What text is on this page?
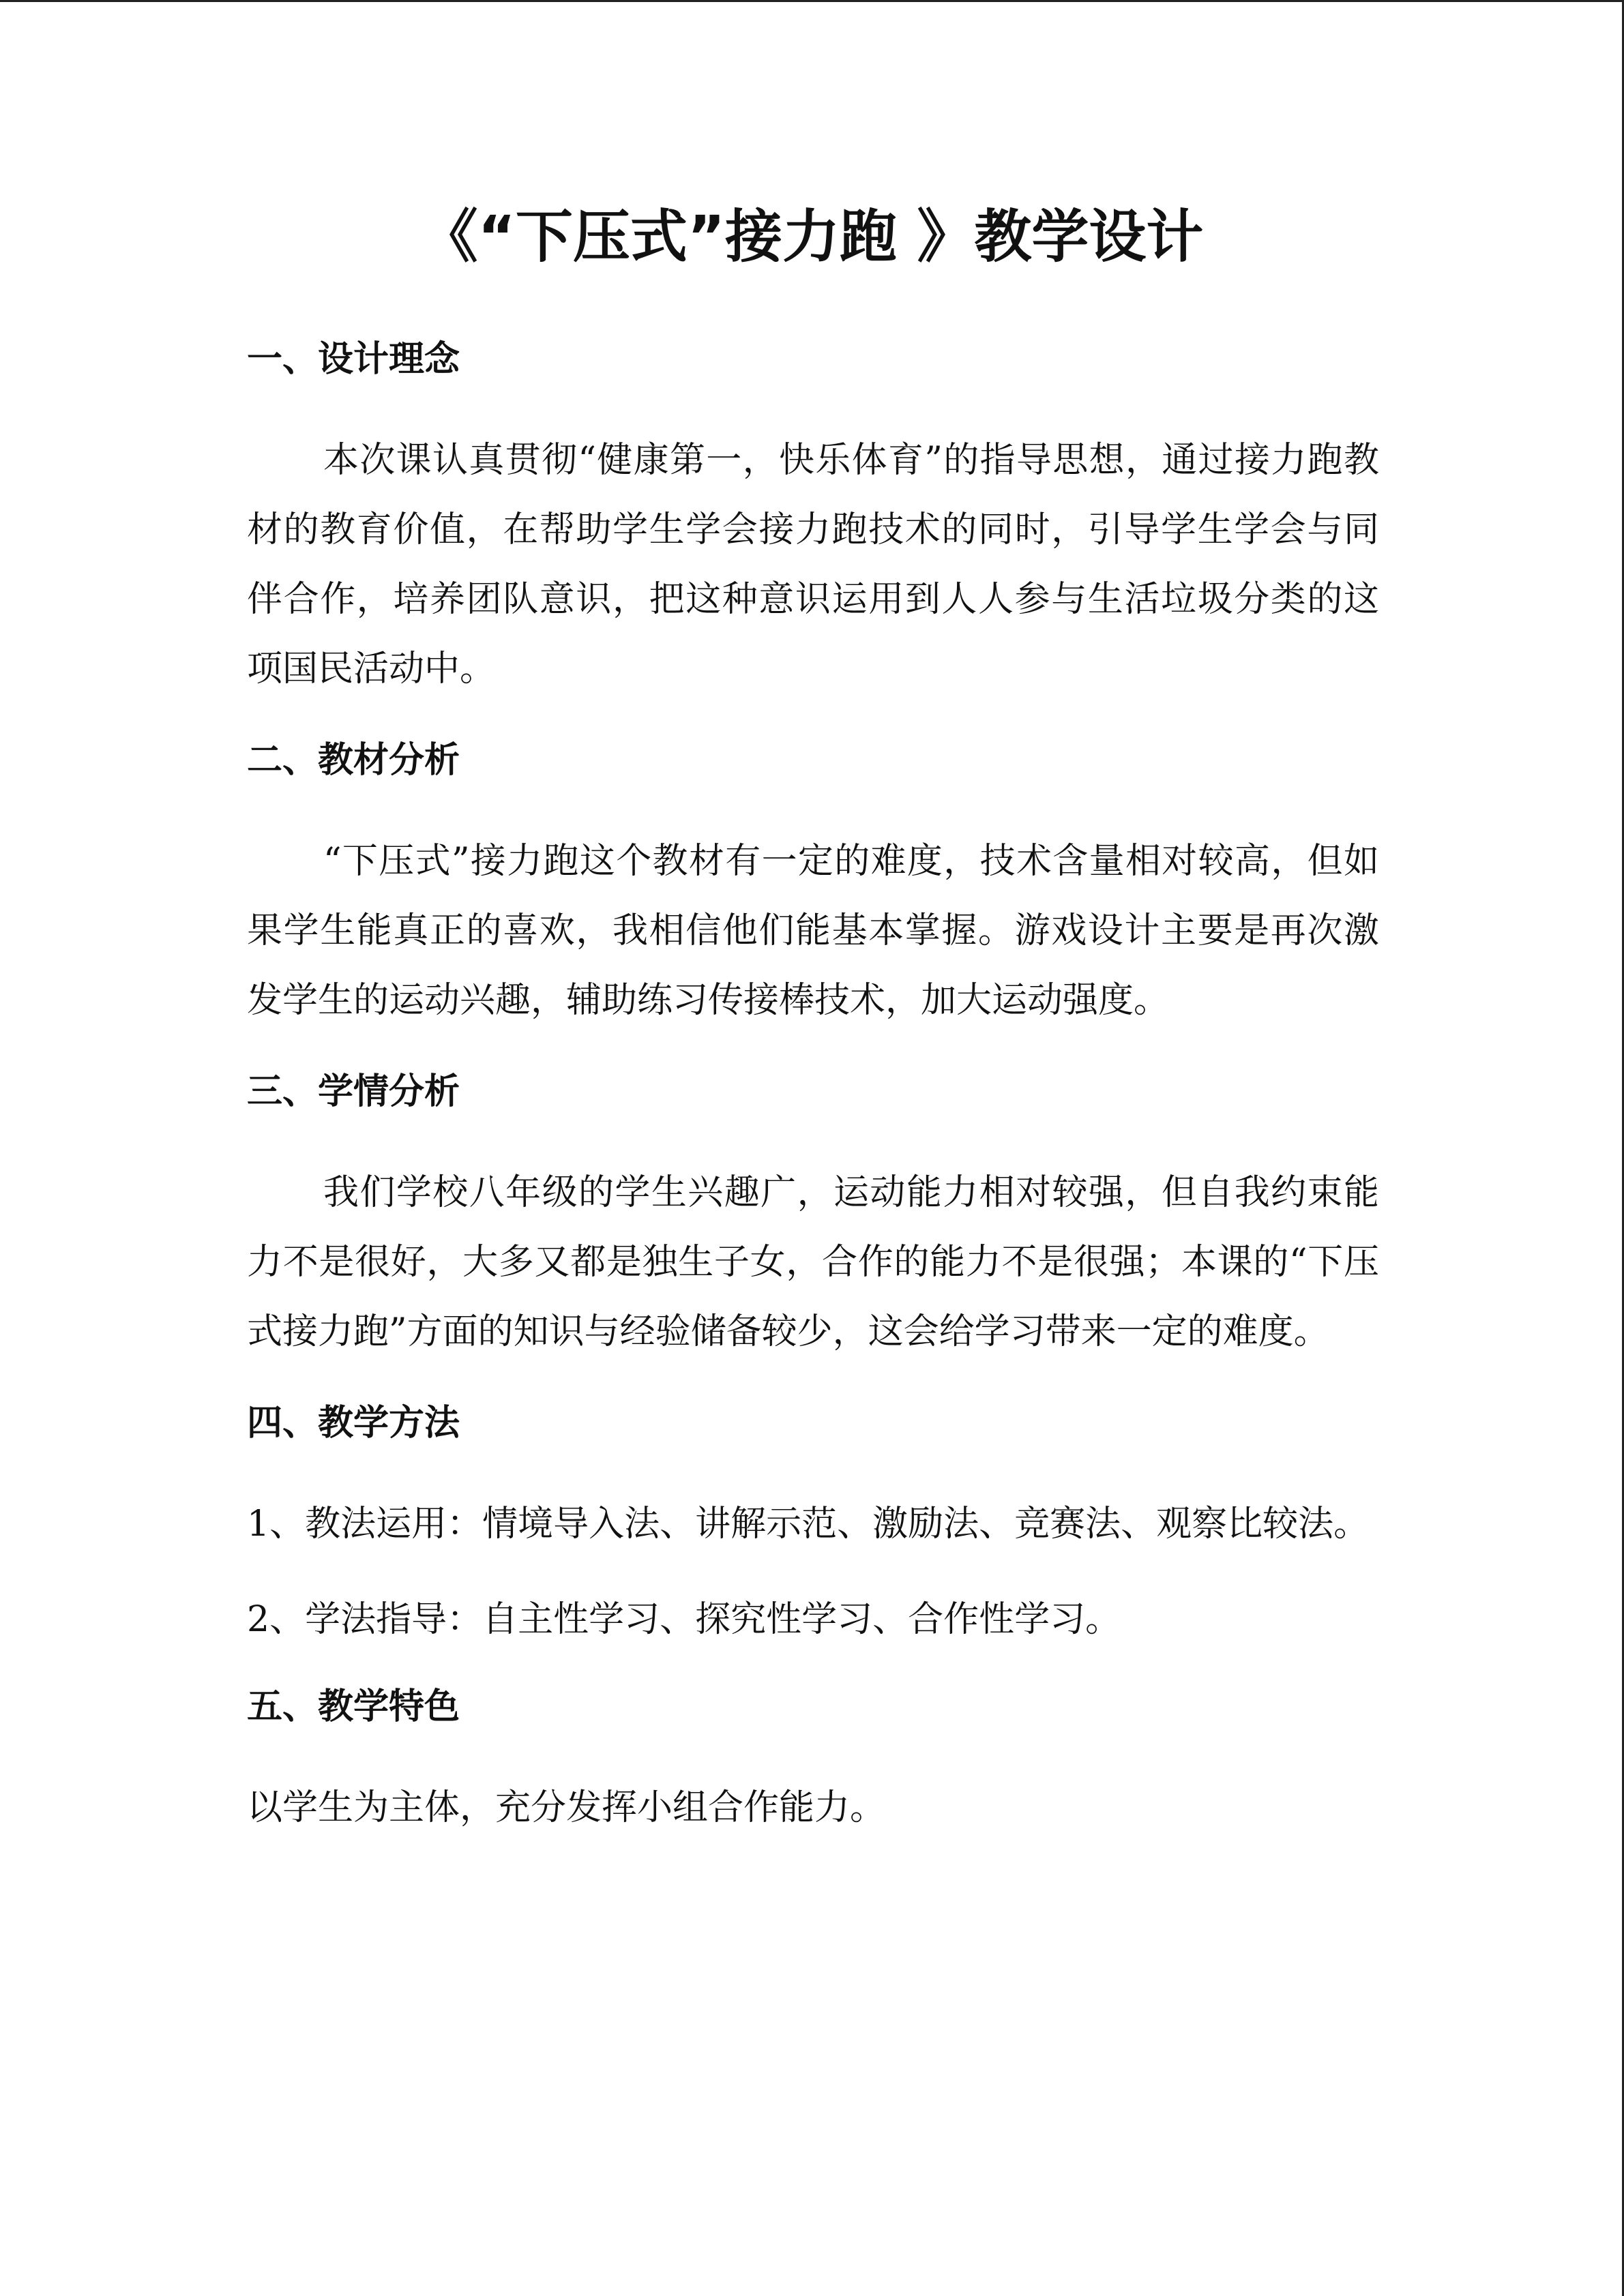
《“下压式”接力跑 》教学设计
一、设计理念

本次课认真贯彻“健康第一，快乐体育”的指导思想，通过接力跑教材的教育价值，在帮助学生学会接力跑技术的同时，引导学生学会与同伴合作，培养团队意识，把这种意识运用到人人参与生活垃圾分类的这项国民活动中。

二、教材分析

“下压式”接力跑这个教材有一定的难度，技术含量相对较高，但如果学生能真正的喜欢，我相信他们能基本掌握。游戏设计主要是再次激发学生的运动兴趣，辅助练习传接棒技术，加大运动强度。

三、学情分析

我们学校八年级的学生兴趣广，运动能力相对较强，但自我约束能力不是很好，大多又都是独生子女，合作的能力不是很强；本课的“下压式接力跑”方面的知识与经验储备较少，这会给学习带来一定的难度。

四、教学方法

1、教法运用：情境导入法、讲解示范、激励法、竞赛法、观察比较法。

2、学法指导：自主性学习、探究性学习、合作性学习。

五、教学特色

以学生为主体，充分发挥小组合作能力。
